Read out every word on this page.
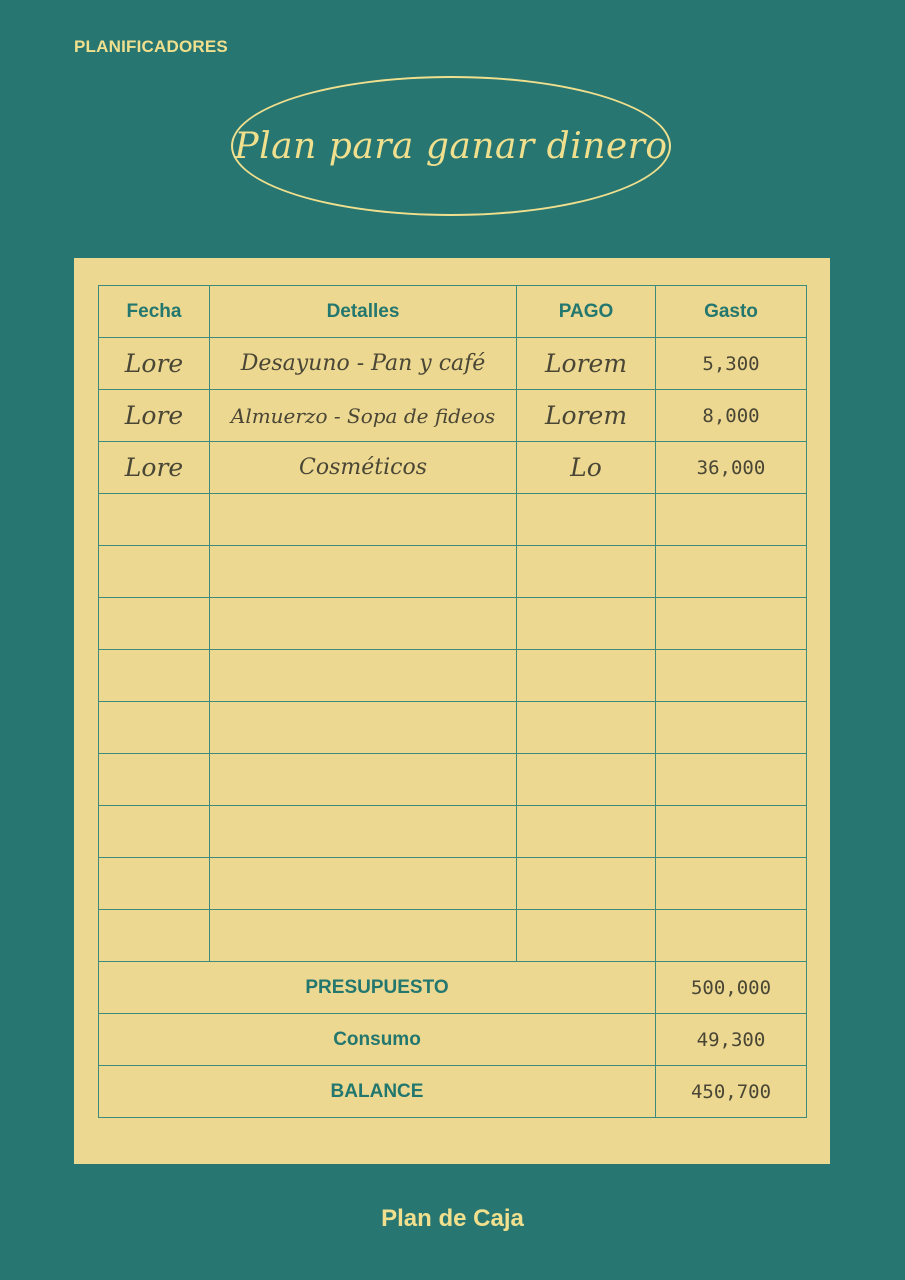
PLANIFICADORES
Plan para ganar dinero
Fecha	Detalles	PAGO	Gasto
Lore	Desayuno - Pan y café	Lorem	5,300
Lore	Almuerzo - Sopa de fideos	Lorem	8,000
Lore	Cosméticos	Lo	36,000

PRESUPUESTO			500,000
Consumo			49,300
BALANCE			450,700
Plan de Caja
